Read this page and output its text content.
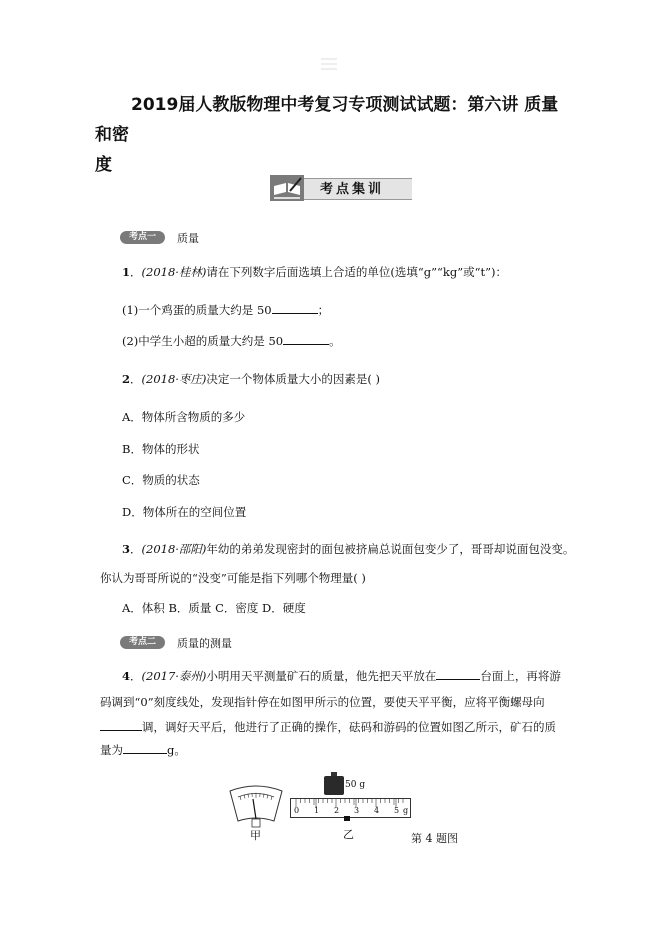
2019届人教版物理中考复习专项测试试题：第六讲 质量和密
度
考点集训
考点一 质量
1．(2018·桂林)请在下列数字后面选填上合适的单位(选填“g”“kg”或“t”)：
(1)一个鸡蛋的质量大约是 50	；
(2)中学生小超的质量大约是 50	。
2．(2018·枣庄)决定一个物体质量大小的因素是( )
A．物体所含物质的多少
B．物体的形状
C．物质的状态
D．物体所在的空间位置
3．(2018·邵阳)年幼的弟弟发现密封的面包被挤扁总说面包变少了，哥哥却说面包没变。
你认为哥哥所说的“没变”可能是指下列哪个物理量( )
A．体积 B．质量 C．密度 D．硬度
考点二 质量的测量
4．(2017·泰州)小明用天平测量矿石的质量，他先把天平放在	台面上，再将游
码调到“0”刻度线处，发现指针停在如图甲所示的位置，要使天平平衡，应将平衡螺母向
调，调好天平后，他进行了正确的操作，砝码和游码的位置如图乙所示，矿石的质
量为	g。
甲
50 g
0 1 2 3 4 5 g
乙	第 4 题图
